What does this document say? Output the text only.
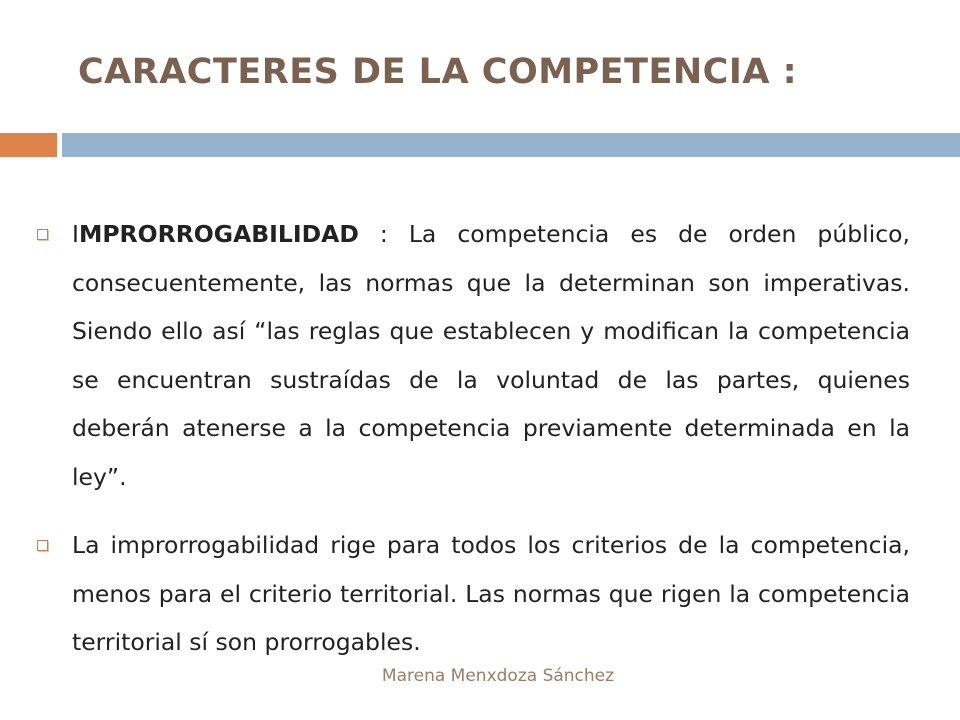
CARACTERES DE LA COMPETENCIA :

IMPRORROGABILIDAD : La competencia es de orden público, consecuentemente, las normas que la determinan son imperativas. Siendo ello así “las reglas que establecen y modifican la competencia se encuentran sustraídas de la voluntad de las partes, quienes deberán atenerse a la competencia previamente determinada en la ley”.

La improrrogabilidad rige para todos los criterios de la competencia, menos para el criterio territorial. Las normas que rigen la competencia territorial sí son prorrogables.

Marena Menxdoza Sánchez
